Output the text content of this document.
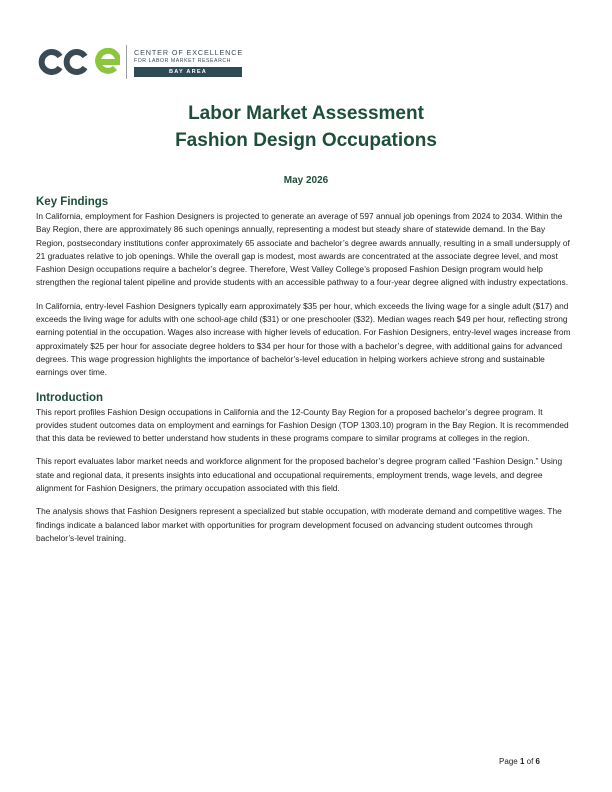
CENTER OF EXCELLENCE
FOR LABOR MARKET RESEARCH
BAY AREA
Labor Market Assessment
Fashion Design Occupations
May 2026
Key Findings

In California, employment for Fashion Designers is projected to generate an average of 597 annual job openings from 2024 to 2034. Within the Bay Region, there are approximately 86 such openings annually, representing a modest but steady share of statewide demand. In the Bay Region, postsecondary institutions confer approximately 65 associate and bachelor’s degree awards annually, resulting in a small undersupply of 21 graduates relative to job openings. While the overall gap is modest, most awards are concentrated at the associate degree level, and most Fashion Design occupations require a bachelor’s degree. Therefore, West Valley College’s proposed Fashion Design program would help strengthen the regional talent pipeline and provide students with an accessible pathway to a four-year degree aligned with industry expectations.

In California, entry-level Fashion Designers typically earn approximately $35 per hour, which exceeds the living wage for a single adult ($17) and exceeds the living wage for adults with one school-age child ($31) or one preschooler ($32). Median wages reach $49 per hour, reflecting strong earning potential in the occupation. Wages also increase with higher levels of education. For Fashion Designers, entry-level wages increase from approximately $25 per hour for associate degree holders to $34 per hour for those with a bachelor’s degree, with additional gains for advanced degrees. This wage progression highlights the importance of bachelor’s-level education in helping workers achieve strong and sustainable earnings over time.

Introduction

This report profiles Fashion Design occupations in California and the 12-County Bay Region for a proposed bachelor’s degree program. It provides student outcomes data on employment and earnings for Fashion Design (TOP 1303.10) program in the Bay Region. It is recommended that this data be reviewed to better understand how students in these programs compare to similar programs at colleges in the region.

This report evaluates labor market needs and workforce alignment for the proposed bachelor’s degree program called “Fashion Design.” Using state and regional data, it presents insights into educational and occupational requirements, employment trends, wage levels, and degree alignment for Fashion Designers, the primary occupation associated with this field.

The analysis shows that Fashion Designers represent a specialized but stable occupation, with moderate demand and competitive wages. The findings indicate a balanced labor market with opportunities for program development focused on advancing student outcomes through bachelor’s-level training.

Page 1 of 6
